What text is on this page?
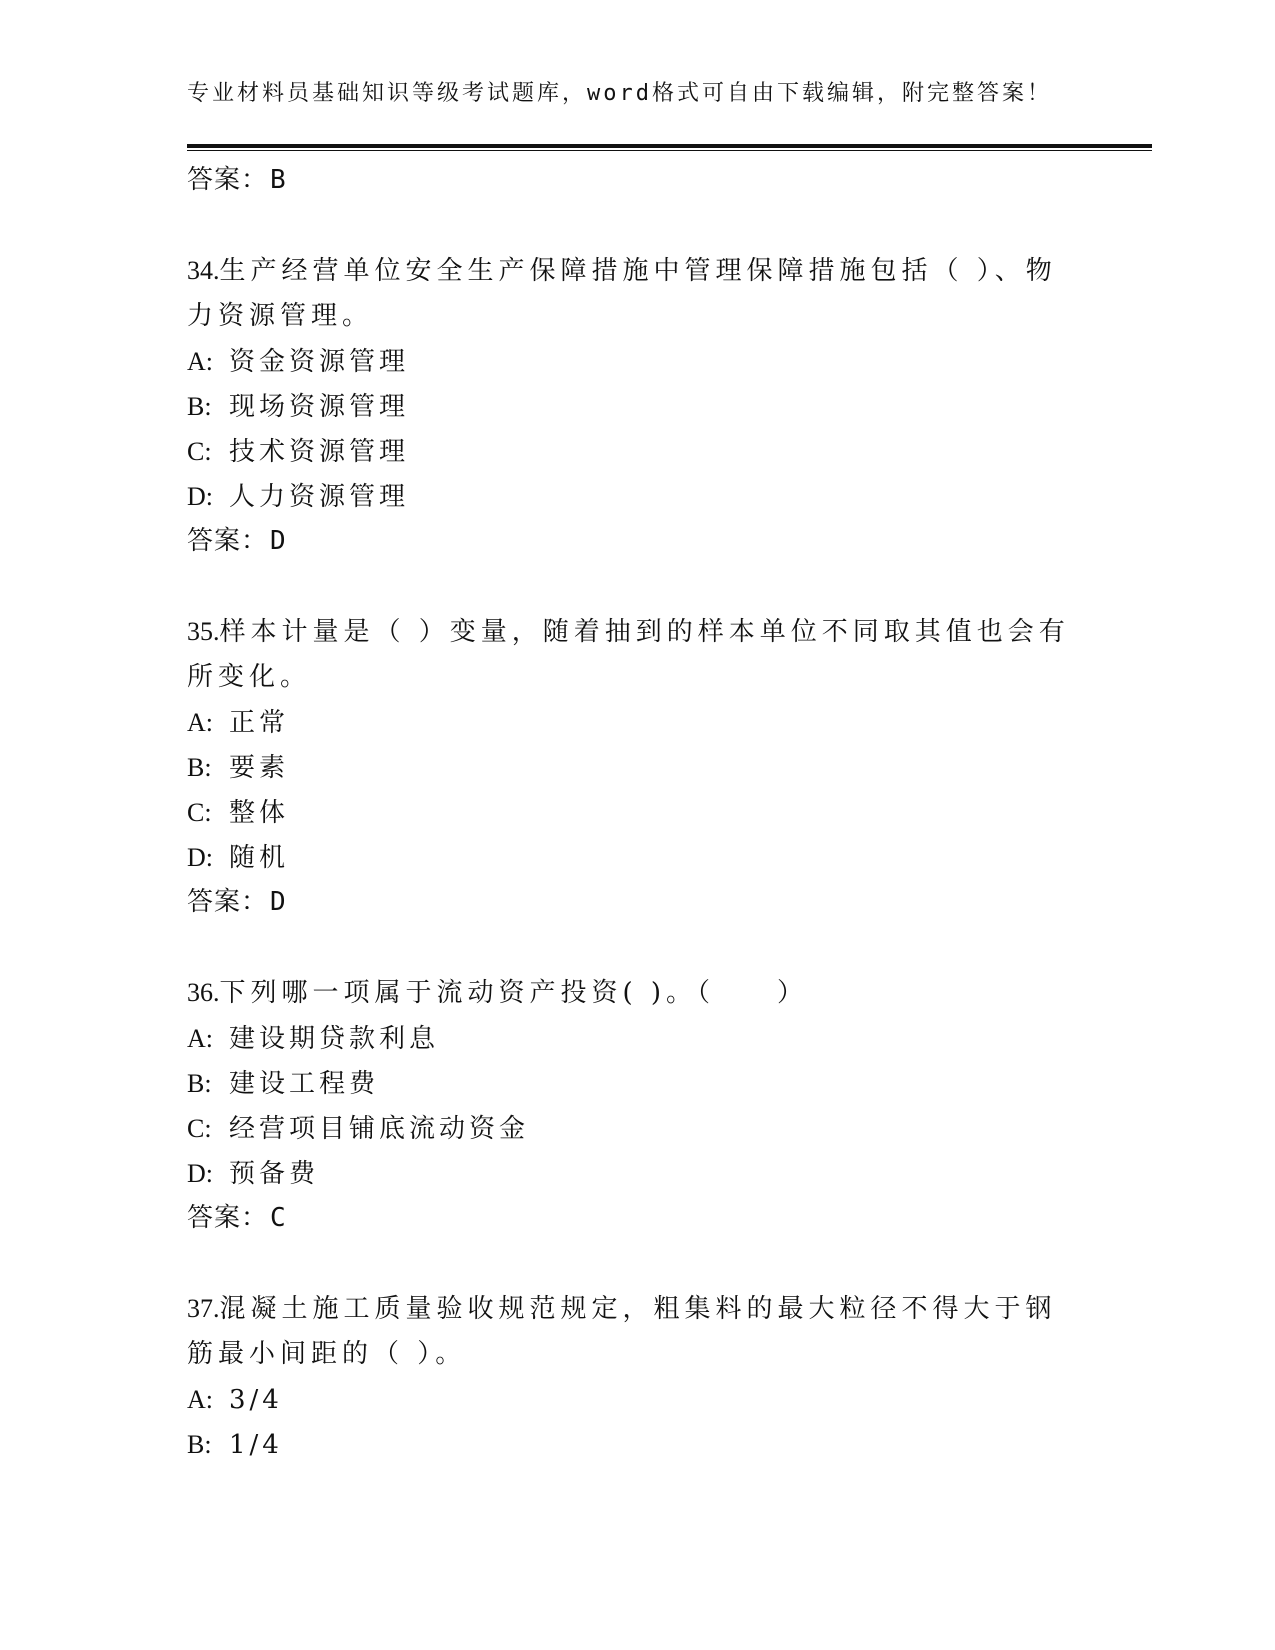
专业材料员基础知识等级考试题库，word格式可自由下载编辑，附完整答案！
答案：B
34.生产经营单位安全生产保障措施中管理保障措施包括（ ）、物力资源管理。
A: 资金资源管理
B: 现场资源管理
C: 技术资源管理
D: 人力资源管理
答案：D
35.样本计量是（ ）变量，随着抽到的样本单位不同取其值也会有所变化。
A: 正常
B: 要素
C: 整体
D: 随机
答案：D
36.下列哪一项属于流动资产投资( )。（　　）
A: 建设期贷款利息
B: 建设工程费
C: 经营项目铺底流动资金
D: 预备费
答案：C
37.混凝土施工质量验收规范规定，粗集料的最大粒径不得大于钢筋最小间距的（ ）。
A: 3/4
B: 1/4
